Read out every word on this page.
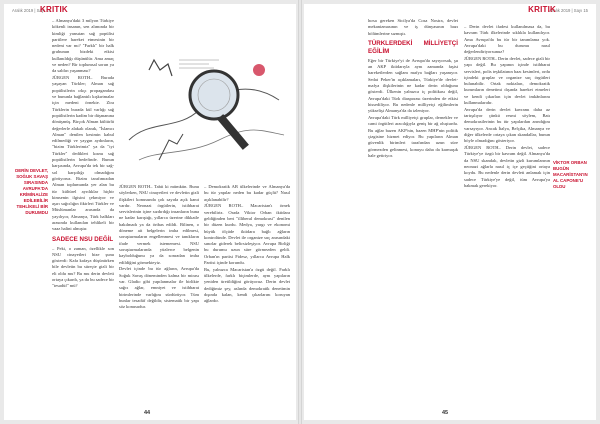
Aralık 2019 | Sayı 15
KRITIK

– Almanya'daki 3 milyon Türkiye kökenli insanın, sen alımında bir kimliği yansıtan sağ popülist partilere hareket etmesinin bir nedeni var mı? "Farklı" bir halk grubunun bizdeki etkisi kullanıldığı düşünülür. Ama amaç ve neden? Bir toplumsal sorun ya da saldırı yaşanması?

JÜRGEN ROTH– Burada yaşayan Türkler; Alman sağ popülistlerin ırkçı propagandası ve bununla bağlantılı kışkırtmalar için medeni örnekte. Zira Türklerin burada kül varlığı sağ popülistlerin kadim bir düşmanına dönüşmüş. Birçok Alman kültürlü değerlerle alakalı olarak, "İslamcı Alman" denilen kesimin kabul edilmediği ve yaygın aydınların, "bizim Türklerimiz" ya da "iyi Türkler" dedikleri kısmı sağ popülistlerin hedefinde. Bunun karşısında, Avrupa'da tek bir sağ-sol karşıtlığı olmadığını görüyoruz. Bizim tarafımızdan Alman toplumunda yer alan bu tür kültürel ayrılıklar hiçbir kimsenin ilgisini çekmiyor ve aşırı sağcılığın fikirleri Türkler ve Müslümanlar arasında da yayılıyor, Almanya, Türk halkları arasında kullanılan tehlikeli bir vaaz halini almıştır.

SADECE NSU DEĞİL

– Peki, o zaman, özellikle son NSU cinayetleri bize şunu gösterdi: Kafa kafaya düşünürken bile devletin bu süreçte gizli bir eli oldu mu? Bu mu derin devleti ortaya çıkardı, ya da bu sadece bir "tesadüf" mü?

DERİN DEVLET, SOĞUK SAVAŞ SIRASINDA AVRUPA'DA KRİMİNALİZE EDİLEBİLİR TEHLİKELİ BİR DURUMDU

JÜRGEN ROTH– Tabii ki mümkün. Bunu söylerken, NSU cinayetleri ve devletin gizli ilişkileri konusunda çok sayıda açık kanıt vardır. Neonazi örgütlerin, istihbarat servislerinin içine sızdırdığı insanların buna ne kadar karıştığı, yıllarca üzerine dikkatle bakılmadı ya da örtbas edildi. Bilinen, o döneme ait belgelerin imha edilmesi, soruşturmaların engellenmesi ve tanıkların ifade vermek istememesi. NSU soruşturmalarında yüzlerce belgenin kaybolduğunu ya da sonradan imha edildiğini görmekteyiz.

Devlet içinde bu tür ağların, Avrupa'da Soğuk Savaş döneminden kalma bir mirası var. Gladio gibi yapılanmalar ile birlikte sağcı ağlar, emniyet ve istihbarat birimlerinde varlığını sürdürüyor. Tüm bunlar tesadüf değildir, sistematik bir yapı söz konusudur.

– Demokratik AB ülkelerinde ve Almanya'da bu tür yapılar neden bu kadar güçlü? Nasıl açıklanabilir?

JÜRGEN ROTH– Macaristan'ı örnek verebiliriz. Orada Viktor Orban iktidara geldiğinden beri "illiberal demokrasi" denilen bir düzen kurdu. Medya, yargı ve ekonomi büyük ölçüde iktidara bağlı ağların kontrolünde. Devlet ile organize suç arasındaki sınırlar giderek belirsizleşiyor. Avrupa Birliği bu durumu uzun süre görmezden geldi. Orban'ın partisi Fidesz, yıllarca Avrupa Halk Partisi içinde korundu.

Bu, yalnızca Macaristan'a özgü değil. Farklı ülkelerde, farklı biçimlerde, aynı yapıların yeniden üretildiğini görüyoruz. Derin devlet dediğimiz şey, aslında demokratik denetimin dışında kalan, kendi çıkarlarını koruyan ağlardır.

44
Aralık 2019 | Sayı 15
KRITIK

hırsa gereken Sicilya'da Cosa Nostra, devlet mekanizmasının ve iş dünyasının bazı bölümlerine sızmıştı.

TÜRKLERDEKİ MİLLİYETÇİ EĞİLİM

Eğer bir Türkiye'yi de Avrupa'da sayıyorsak, şu an AKP iktidarıyla aynı zamanda faşist hareketlerden sağlam mafya bağları yaşanıyor. Sedat Peker'in açıklamaları, Türkiye'de devlet-mafya ilişkilerinin ne kadar derin olduğunu gösterdi. Ülkenin yalnızca iç politikası değil, Avrupa'daki Türk diasporası üzerinden de etkisi hissediliyor. Bu nedenle milliyetçi eğilimlerin yükselişi Almanya'da da izleniyor.

Avrupa'daki Türk milliyetçi gruplar, dernekler ve cami örgütleri aracılığıyla geniş bir ağ oluşturdu. Bu ağlar bazen AKP'nin, bazen MHP'nin politik çizgisine hizmet ediyor. Bu yapıların Alman güvenlik birimleri tarafından uzun süre görmezden gelinmesi, konuyu daha da karmaşık hale getiriyor.

– Derin devlet ifadesi kullanılmasa da, bu kavram Türk ilkelerinde sıklıkla kullanılıyor. Ama Avrupa'da bu tür bir tanımlama yok. Avrupa'daki bu durumu nasıl değerlendiriyorsunuz?

JÜRGEN ROTH– Derin devlet, sadece gizli bir yapı değil. Bu yapının içinde istihbarat servisleri, polis teşkilatının bazı kesimleri, ordu içindeki gruplar ve organize suç örgütleri bulunabilir. Ortak noktaları, demokratik kurumların denetimi dışında hareket etmeleri ve kendi çıkarları için devlet imkânlarını kullanmalarıdır.

Avrupa'da derin devlet kavramı daha az tartışılıyor çünkü resmi söylem, Batı demokrasilerinin bu tür yapılardan arındığını varsayıyor. Ancak İtalya, Belçika, Almanya ve diğer ülkelerde ortaya çıkan skandallar, bunun böyle olmadığını gösteriyor.

JÜRGEN ROTH– Derin devlet, sadece Türkiye'ye özgü bir kavram değil. Almanya'da da NSU skandalı, devletin gizli kurumlarının neonazi ağlarla nasıl iç içe geçtiğini ortaya koydu. Bu nedenle derin devleti anlamak için sadece Türkiye'ye değil, tüm Avrupa'ya bakmak gerekiyor.

VİKTOR ORBAN BUGÜN MACARİSTAN'IN AL CAPONE'U OLDU
45
